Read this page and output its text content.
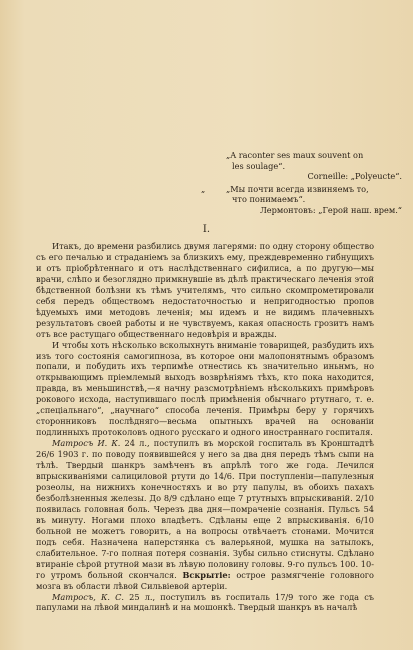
„A raconter ses maux souvent on
les soulage“.
Corneille: „Polyeucte“.
„	„Мы почти всегда извиняемъ то,
что понимаемъ“.
Лермонтовъ: „Герой наш. врем.“
I.

Итакъ, до времени разбились двумя лагерями: по одну сторону общество съ его печалью и страданіемъ за близкихъ ему, преждевременно гибнущихъ и отъ пріобрѣтеннаго и отъ наслѣдственнаго сифилиса, а по другую—мы врачи, слѣпо и безоглядно примкнувшіе въ дѣлѣ практическаго леченія этой бѣдственной болѣзни къ тѣмъ учителямъ, что сильно скомпрометировали себя передъ обществомъ недостаточностью и непригодностью пропов ѣдуемыхъ ими методовъ леченія; мы идемъ и не видимъ плачевныхъ результатовъ своей работы и не чувствуемъ, какая опасность грозитъ намъ отъ все растущаго общественнаго недовѣрія и вражды.

И чтобы хоть нѣсколько всколыхнуть вниманіе товарищей, разбудить ихъ изъ того состоянія самогипноза, въ которое они малопонятнымъ образомъ попали, и побудить ихъ терпимѣе отнестись къ значительно иньнмъ, но открывающимъ пріемлемый выходъ возврѣніямъ тѣхъ, кто пока находится, правда, въ меньшинствѣ,—я начну разсмотрѣніемъ нѣсколькихъ примѣровъ рокового исхода, наступившаго послѣ примѣненія обычнаго ртутнаго, т. е. „спеціальнаго“, „научнаго“ способа леченія. Примѣры беру у горячихъ сторонниковъ послѣдняго—весьма опытныхъ врачей на основаніи подлинныхъ протоколовъ одного русскаго и одного иностраннаго госпиталя.

Матросъ И. К. 24 л., поступилъ въ морской госпиталь въ Кронштадтѣ 26/6 1903 г. по поводу появившейся у него за два дня передъ тѣмъ сыпи на тѣлѣ. Твердый шанкръ замѣченъ въ апрѣлѣ того же года. Лечился впрыскиваніями салициловой ртути до 14/6. При поступленіи—папулезныя розеолы, на нижнихъ конечностяхъ и во рту папулы, въ обоихъ пахахъ безболѣзненныя железы. До 8/9 сдѣлано еще 7 ртутныхъ впрыскиваній. 2/10 появилась головная боль. Черезъ два дня—помраченіе сознанія. Пульсъ 54 въ минуту. Ногами плохо владѣетъ. Сдѣланы еще 2 впрыскиванія. 6/10 больной не можетъ говорить, а на вопросы отвѣчаетъ стонами. Мочится подъ себя. Назначена наперстянка съ валерьяной, мушка на затылокъ, слабительное. 7-го полная потеря сознанія. Зубы сильно стиснуты. Сдѣлано втираніе сѣрой ртутной мази въ лѣвую половину головы. 9-го пульсъ 100. 10-го утромъ больной скончался. Вскрытіе: острое размягченіе головного мозга въ области лѣвой Сильвіевой артеріи.

Матросъ, К. С. 25 л., поступилъ въ госпиталь 17/9 того же года съ папулами на лѣвой миндалинѣ и на мошонкѣ. Твердый шанкръ въ началѣ
